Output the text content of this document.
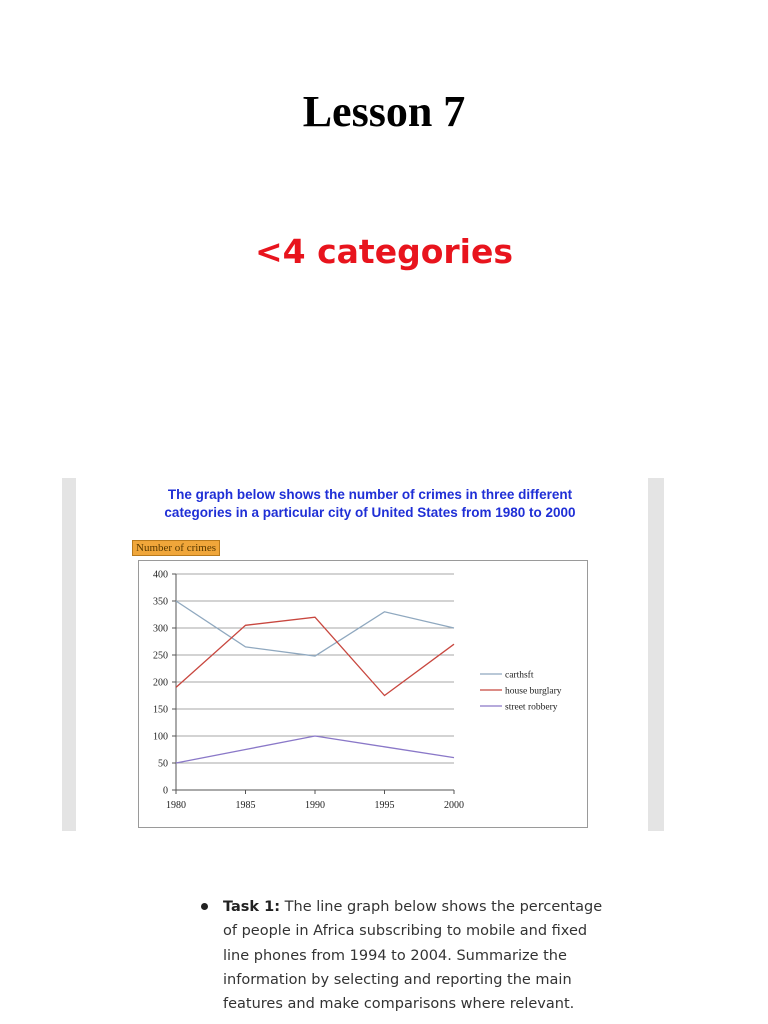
Lesson 7
<4 categories
The graph below shows the number of crimes in three different
categories in a particular city of United States from 1980 to 2000
Number of crimes
0
50
100
150
200
250
300
350
400
1980	1985	1990	1995	2000
carthsft
house burglary
street robbery
Task 1: The line graph below shows the percentage of people in Africa subscribing to mobile and fixed line phones from 1994 to 2004. Summarize the information by selecting and reporting the main features and make comparisons where relevant.
